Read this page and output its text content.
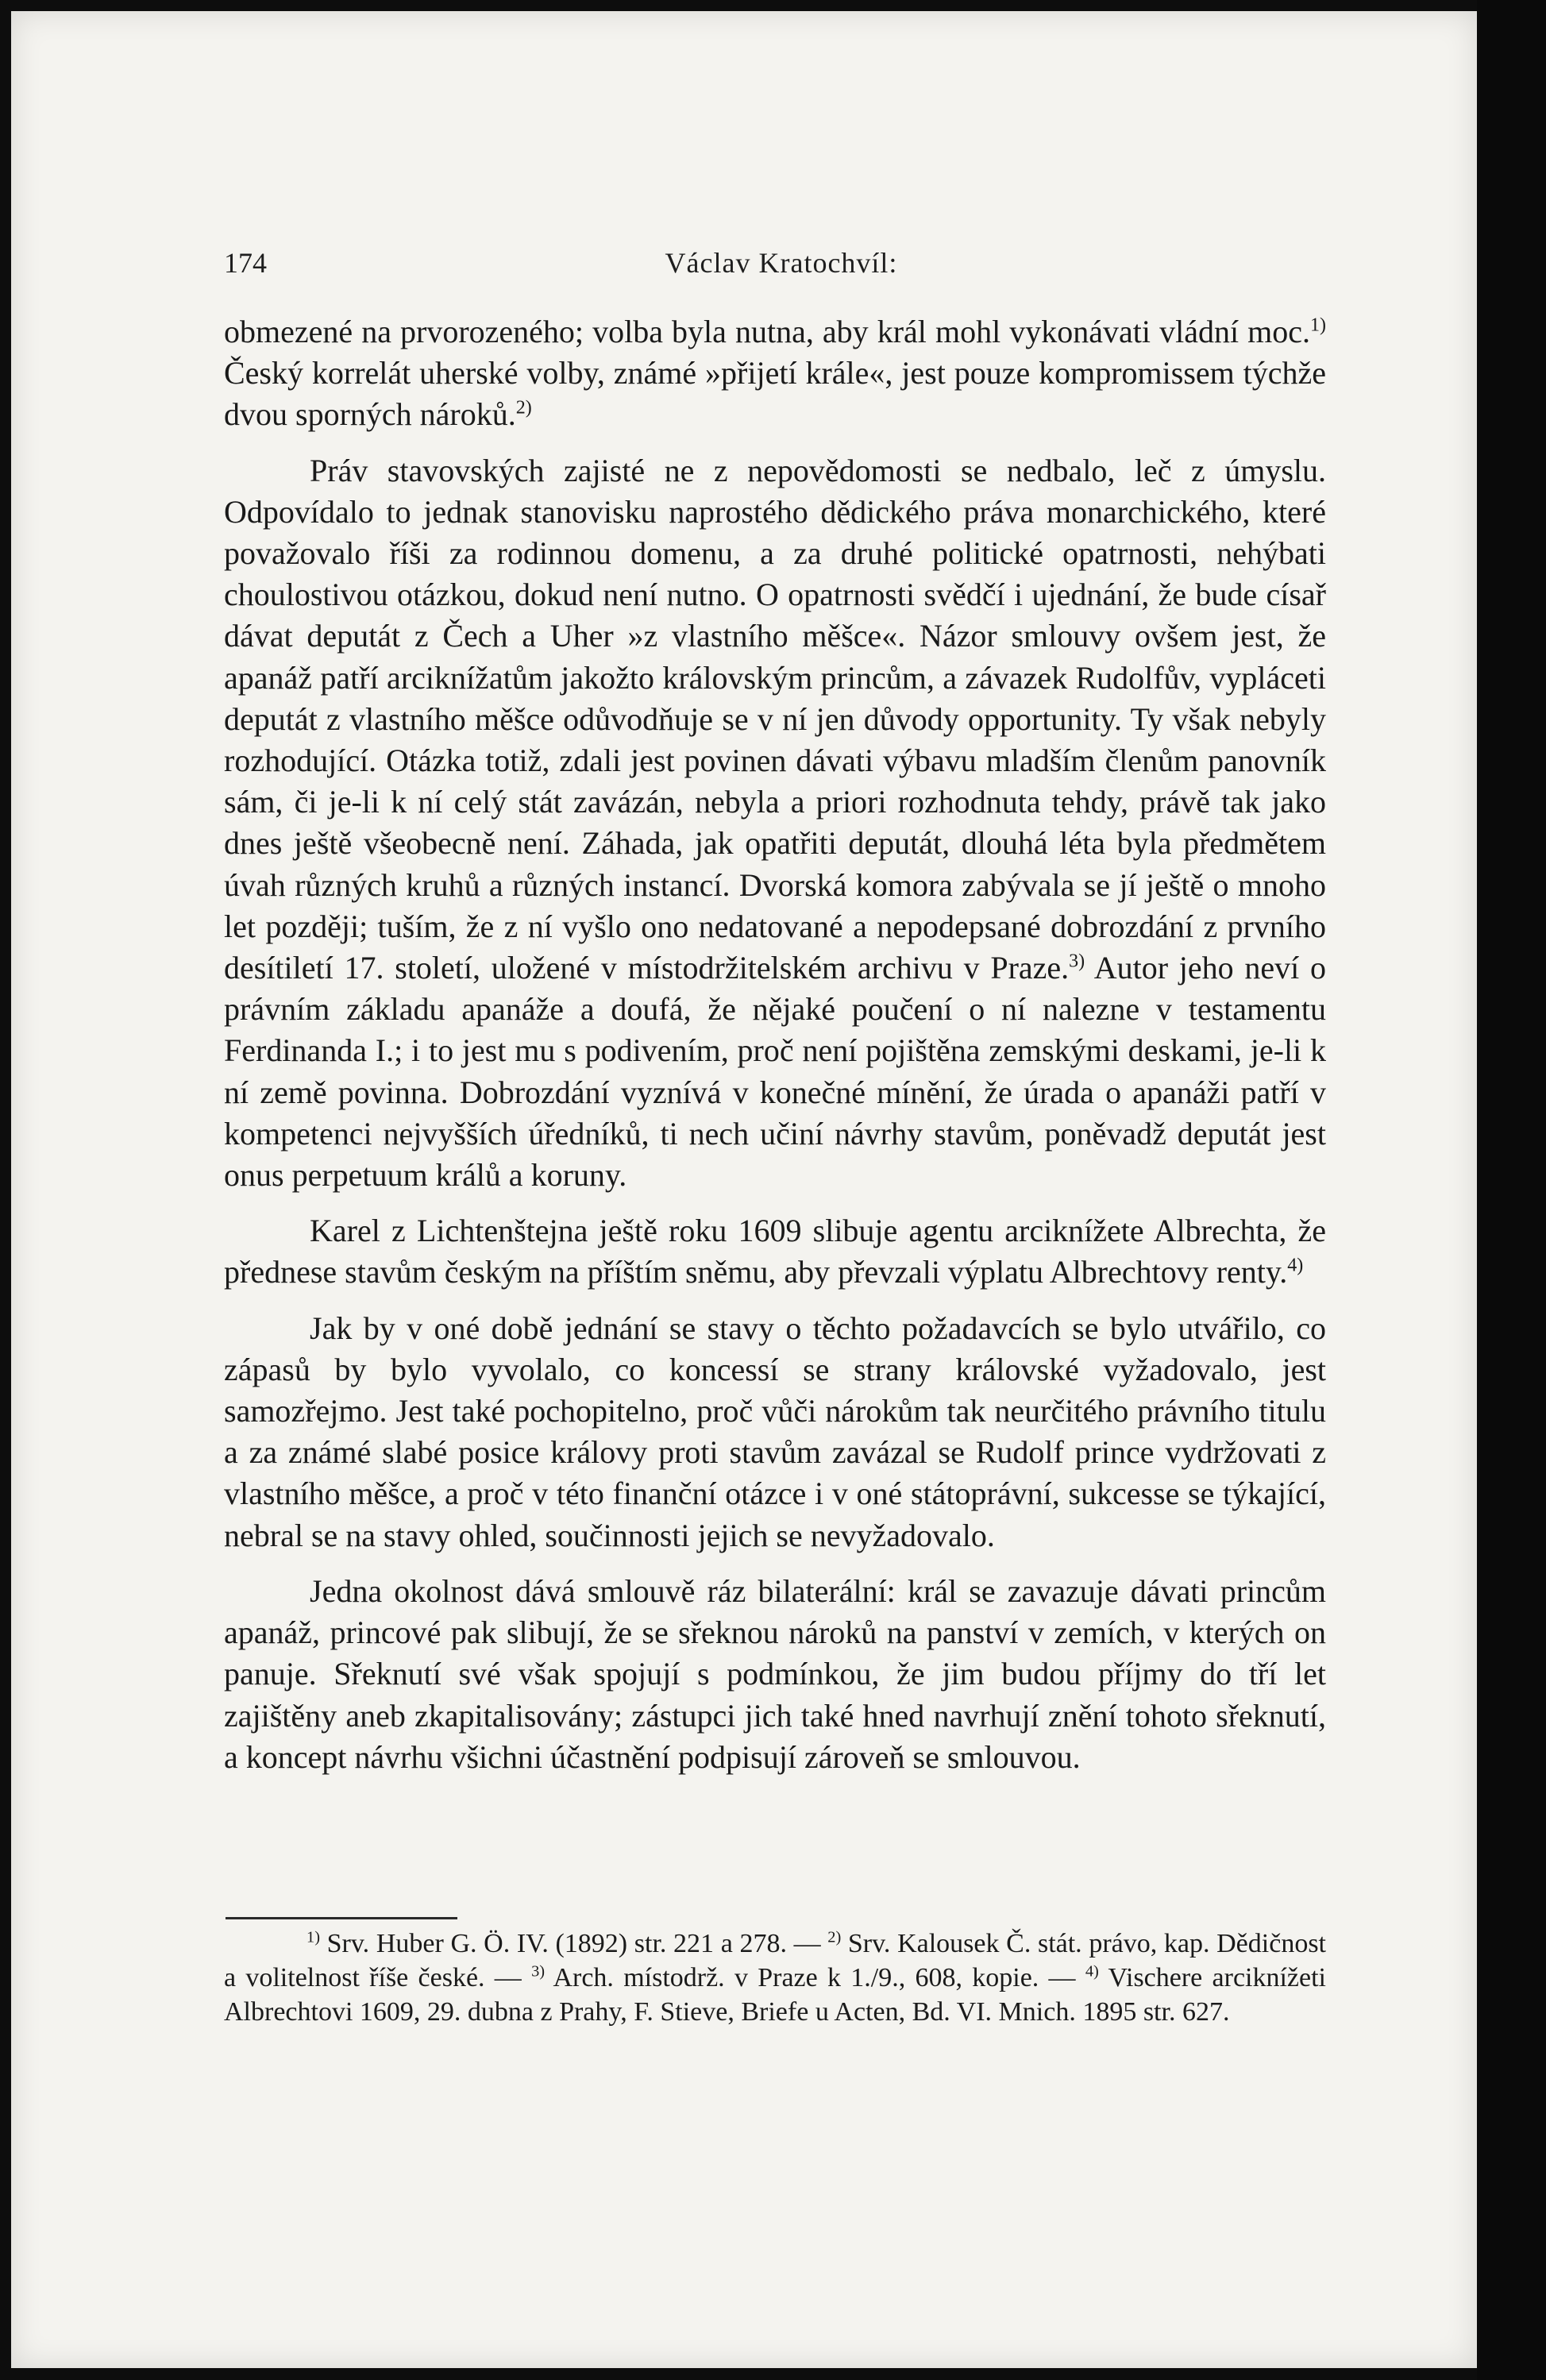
174	Václav Kratochvíl:

obmezené na prvorozeného; volba byla nutna, aby král mohl vykonávati vládní moc.$^{1)}$ Český korrelát uherské volby, známé »přijetí krále«, jest pouze kompromissem týchže dvou sporných nároků.$^{2)}$

Práv stavovských zajisté ne z nepovědomosti se nedbalo, leč z úmyslu. Odpovídalo to jednak stanovisku naprostého dědického práva monarchického, které považovalo říši za rodinnou domenu, a za druhé politické opatrnosti, nehýbati choulostivou otázkou, dokud není nutno. O opatrnosti svědčí i ujednání, že bude císař dávat deputát z Čech a Uher »z vlastního měšce«. Názor smlouvy ovšem jest, že apanáž patří arciknížatům jakožto královským princům, a závazek Rudolfův, vypláceti deputát z vlastního měšce odůvodňuje se v ní jen důvody opportunity. Ty však nebyly rozhodující. Otázka totiž, zdali jest povinen dávati výbavu mladším členům panovník sám, či je-li k ní celý stát zavázán, nebyla a priori rozhodnuta tehdy, právě tak jako dnes ještě všeobecně není. Záhada, jak opatřiti deputát, dlouhá léta byla předmětem úvah různých kruhů a různých instancí. Dvorská komora zabývala se jí ještě o mnoho let později; tuším, že z ní vyšlo ono nedatované a nepodepsané dobrozdání z prvního desítiletí 17. století, uložené v místodržitelském archivu v Praze.$^{3)}$ Autor jeho neví o právním základu apanáže a doufá, že nějaké poučení o ní nalezne v testamentu Ferdinanda I.; i to jest mu s podivením, proč není pojištěna zemskými deskami, je-li k ní země povinna. Dobrozdání vyznívá v konečné mínění, že úrada o apanáži patří v kompetenci nejvyšších úředníků, ti nech učiní návrhy stavům, poněvadž deputát jest onus perpetuum králů a koruny.

Karel z Lichtenštejna ještě roku 1609 slibuje agentu arciknížete Albrechta, že přednese stavům českým na příštím sněmu, aby převzali výplatu Albrechtovy renty.$^{4)}$

Jak by v oné době jednání se stavy o těchto požadavcích se bylo utvářilo, co zápasů by bylo vyvolalo, co koncessí se strany královské vyžadovalo, jest samozřejmo. Jest také pochopitelno, proč vůči nárokům tak neurčitého právního titulu a za známé slabé posice královy proti stavům zavázal se Rudolf prince vydržovati z vlastního měšce, a proč v této finanční otázce i v oné státoprávní, sukcesse se týkající, nebral se na stavy ohled, součinnosti jejich se nevyžadovalo.

Jedna okolnost dává smlouvě ráz bilaterální: král se zavazuje dávati princům apanáž, princové pak slibují, že se sřeknou nároků na panství v zemích, v kterých on panuje. Sřeknutí své však spojují s podmínkou, že jim budou příjmy do tří let zajištěny aneb zkapitalisovány; zástupci jich také hned navrhují znění tohoto sřeknutí, a koncept návrhu všichni účastnění podpisují zároveň se smlouvou.

$^{1)}$ Srv. Huber G. Ö. IV. (1892) str. 221 a 278. — $^{2)}$ Srv. Kalousek Č. stát. právo, kap. Dědičnost a volitelnost říše české. — $^{3)}$ Arch. místodrž. v Praze k 1./9., 608, kopie. — $^{4)}$ Vischere arciknížeti Albrechtovi 1609, 29. dubna z Prahy, F. Stieve, Briefe u Acten, Bd. VI. Mnich. 1895 str. 627.
